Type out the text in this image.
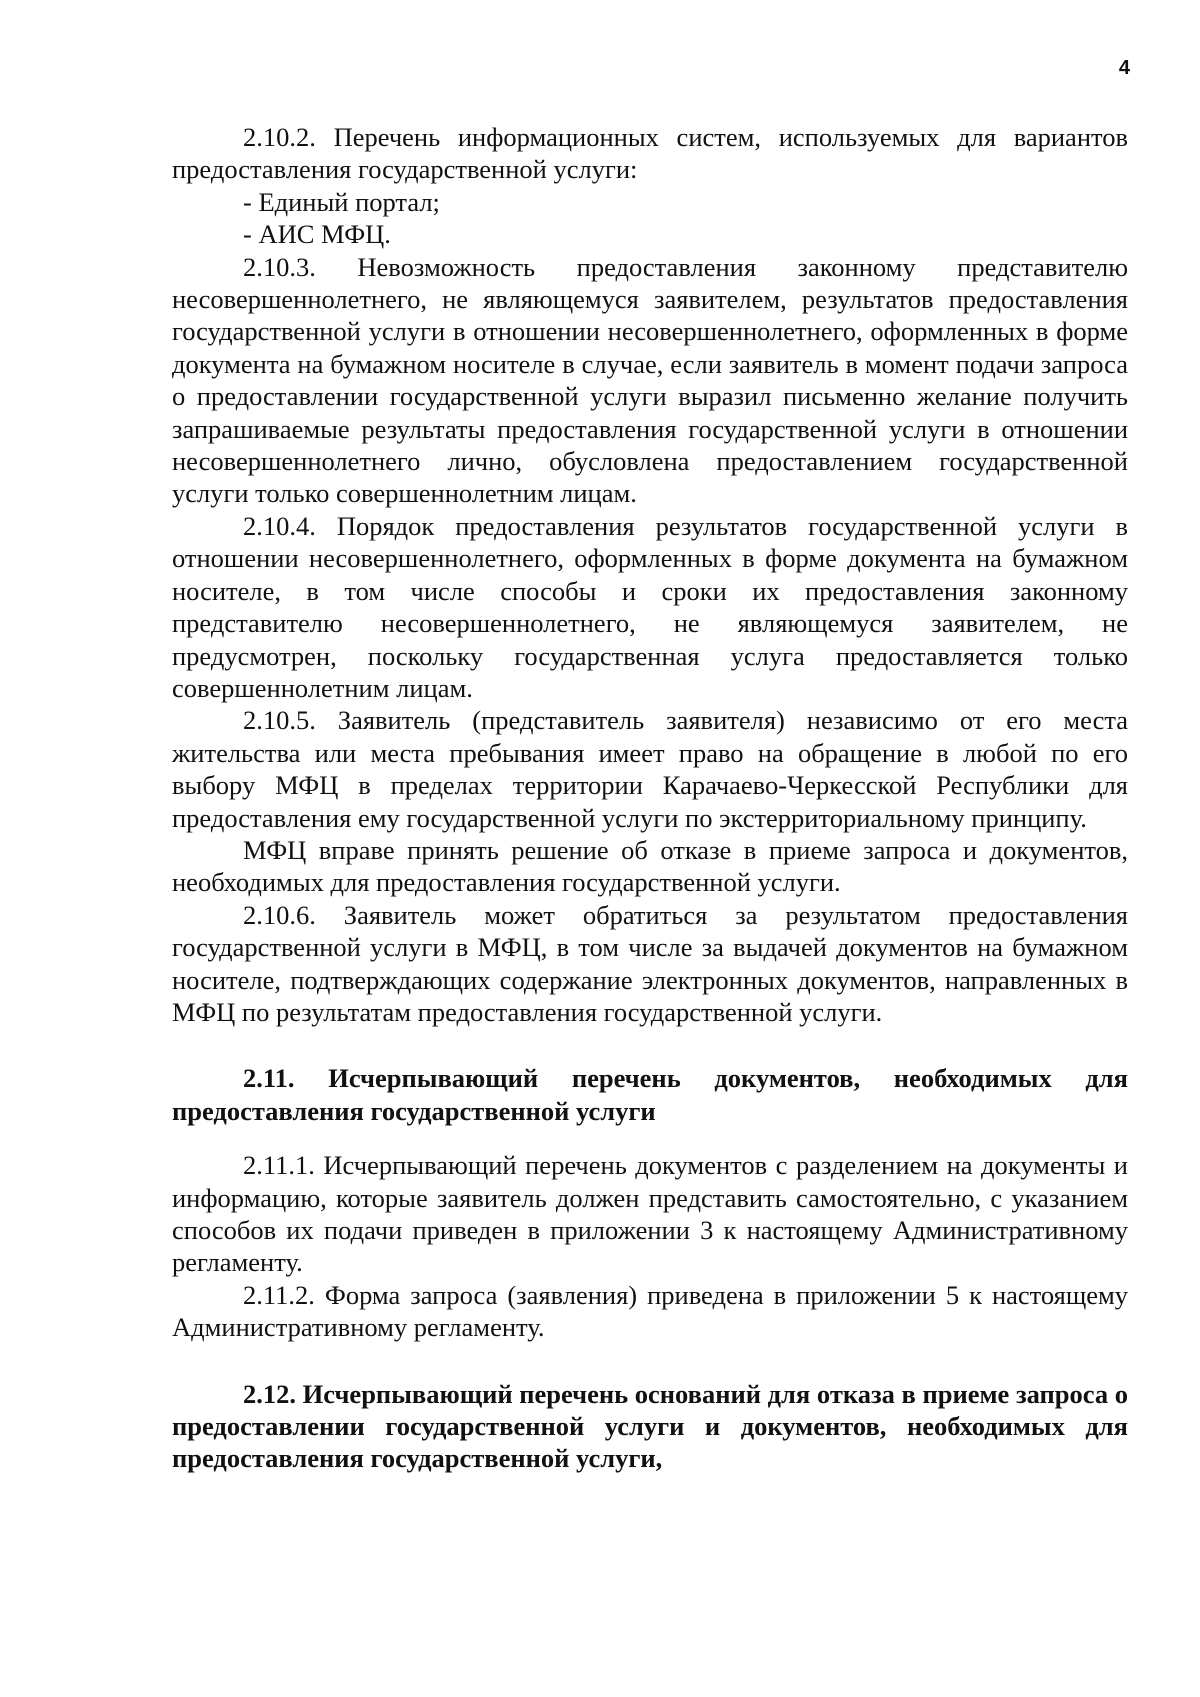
4

2.10.2. Перечень информационных систем, используемых для вариантов предоставления государственной услуги:

- Единый портал;

- АИС МФЦ.

2.10.3. Невозможность предоставления законному представителю несовершеннолетнего, не являющемуся заявителем, результатов предоставления государственной услуги в отношении несовершеннолетнего, оформленных в форме документа на бумажном носителе в случае, если заявитель в момент подачи запроса о предоставлении государственной услуги выразил письменно желание получить запрашиваемые результаты предоставления государственной услуги в отношении несовершеннолетнего лично, обусловлена предоставлением государственной услуги только совершеннолетним лицам.

2.10.4. Порядок предоставления результатов государственной услуги в отношении несовершеннолетнего, оформленных в форме документа на бумажном носителе, в том числе способы и сроки их предоставления законному представителю несовершеннолетнего, не являющемуся заявителем, не предусмотрен, поскольку государственная услуга предоставляется только совершеннолетним лицам.

2.10.5. Заявитель (представитель заявителя) независимо от его места жительства или места пребывания имеет право на обращение в любой по его выбору МФЦ в пределах территории Карачаево-Черкесской Республики для предоставления ему государственной услуги по экстерриториальному принципу.

МФЦ вправе принять решение об отказе в приеме запроса и документов, необходимых для предоставления государственной услуги.

2.10.6. Заявитель может обратиться за результатом предоставления государственной услуги в МФЦ, в том числе за выдачей документов на бумажном носителе, подтверждающих содержание электронных документов, направленных в МФЦ по результатам предоставления государственной услуги.

2.11. Исчерпывающий перечень документов, необходимых для предоставления государственной услуги

2.11.1. Исчерпывающий перечень документов с разделением на документы и информацию, которые заявитель должен представить самостоятельно, с указанием способов их подачи приведен в приложении 3 к настоящему Административному регламенту.

2.11.2. Форма запроса (заявления) приведена в приложении 5 к настоящему Административному регламенту.

2.12. Исчерпывающий перечень оснований для отказа в приеме запроса о предоставлении государственной услуги и документов, необходимых для предоставления государственной услуги,
